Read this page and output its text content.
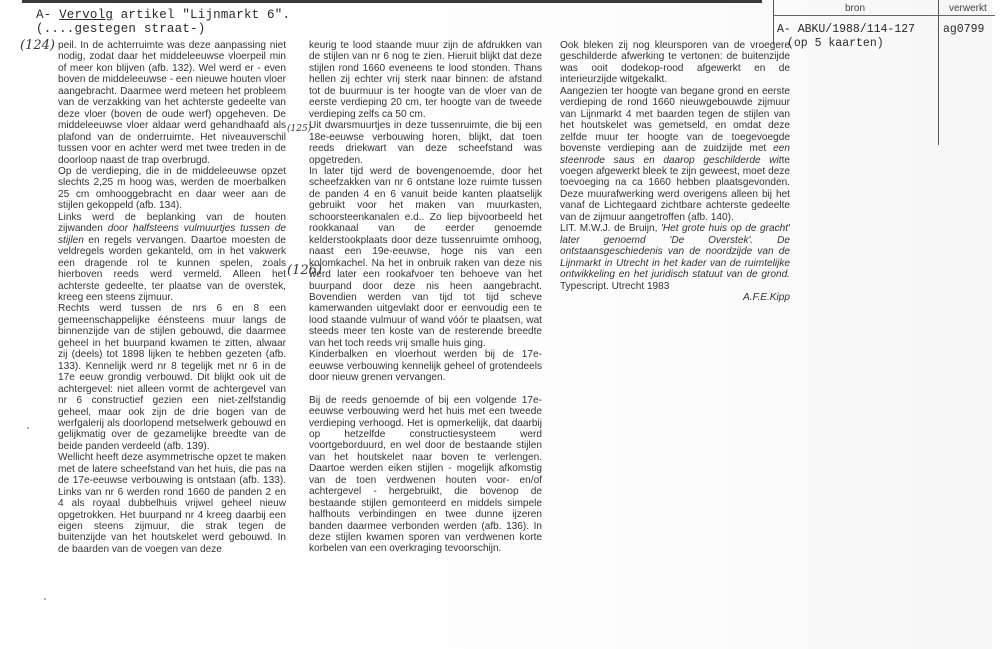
A- Vervolg artikel "Lijnmarkt 6".
(....gestegen straat-)
bron	verwerkt
A- ABKU/1988/114-127
(op 5 kaarten)
ag0799
(124)
(125)
(126)

peil. In de achterruimte was deze aanpassing niet nodig, zodat daar het middeleeuwse vloerpeil min of meer kon blijven (afb. 132). Wel werd er - even boven de middeleeuwse - een nieuwe houten vloer aangebracht. Daarmee werd meteen het probleem van de verzakking van het achterste gedeelte van deze vloer (boven de oude werf) opgeheven. De middeleeuwse vloer aldaar werd gehandhaafd als plafond van de onderruimte. Het niveauverschil tussen voor en achter werd met twee treden in de doorloop naast de trap overbrugd.

Op de verdieping, die in de middeleeuwse opzet slechts 2,25 m hoog was, werden de moerbalken 25 cm omhooggebracht en daar weer aan de stijlen gekoppeld (afb. 134).

Links werd de beplanking van de houten zijwanden door halfsteens vulmuurtjes tussen de stijlen en regels vervangen. Daartoe moesten de veldregels worden gekanteld, om in het vakwerk een dragende rol te kunnen spelen, zoals hierboven reeds werd vermeld. Alleen het achterste gedeelte, ter plaatse van de overstek, kreeg een steens zijmuur.

Rechts werd tussen de nrs 6 en 8 een gemeenschappelijke éénsteens muur langs de binnenzijde van de stijlen gebouwd, die daarmee geheel in het buurpand kwamen te zitten, alwaar zij (deels) tot 1898 lijken te hebben gezeten (afb. 133). Kennelijk werd nr 8 tegelijk met nr 6 in de 17e eeuw grondig verbouwd. Dit blijkt ook uit de achtergevel: niet alleen vormt de achtergevel van nr 6 constructief gezien een niet-zelfstandig geheel, maar ook zijn de drie bogen van de werfgalerij als doorlopend metselwerk gebouwd en gelijkmatig over de gezamelijke breedte van de beide panden verdeeld (afb. 139).

Wellicht heeft deze asymmetrische opzet te maken met de latere scheefstand van het huis, die pas na de 17e-eeuwse verbouwing is ontstaan (afb. 133). Links van nr 6 werden rond 1660 de panden 2 en 4 als royaal dubbelhuis vrijwel geheel nieuw opgetrokken. Het buurpand nr 4 kreeg daarbij een eigen steens zijmuur, die strak tegen de buitenzijde van het houtskelet werd gebouwd. In de baarden van de voegen van deze

keurig te lood staande muur zijn de afdrukken van de stijlen van nr 6 nog te zien. Hieruit blijkt dat deze stijlen rond 1660 eveneens te lood stonden. Thans hellen zij echter vrij sterk naar binnen: de afstand tot de buurmuur is ter hoogte van de vloer van de eerste verdieping 20 cm, ter hoogte van de tweede verdieping zelfs ca 50 cm.

Uit dwarsmuurtjes in deze tussenruimte, die bij een 18e-eeuwse verbouwing horen, blijkt, dat toen reeds driekwart van deze scheefstand was opgetreden.

In later tijd werd de bovengenoemde, door het scheefzakken van nr 6 ontstane loze ruimte tussen de panden 4 en 6 vanuit beide kanten plaatselijk gebruikt voor het maken van muurkasten, schoorsteenkanalen e.d.. Zo liep bijvoorbeeld het rookkanaal van de eerder genoemde kelderstookplaats door deze tussenruimte omhoog, naast een 19e-eeuwse, hoge nis van een kolomkachel. Na het in onbruik raken van deze nis werd later een rookafvoer ten behoeve van het buurpand door deze nis heen aangebracht. Bovendien werden van tijd tot tijd scheve kamerwanden uitgevlakt door er eenvoudig een te lood staande vulmuur of wand vóór te plaatsen, wat steeds meer ten koste van de resterende breedte van het toch reeds vrij smalle huis ging.

Kinderbalken en vloerhout werden bij de 17e-eeuwse verbouwing kennelijk geheel of grotendeels door nieuw grenen vervangen.

Bij de reeds genoemde of bij een volgende 17e-eeuwse verbouwing werd het huis met een tweede verdieping verhoogd. Het is opmerkelijk, dat daarbij op hetzelfde constructiesysteem werd voortgeborduurd, en wel door de bestaande stijlen van het houtskelet naar boven te verlengen. Daartoe werden eiken stijlen - mogelijk afkomstig van de toen verdwenen houten voor- en/of achtergevel - hergebruikt, die bovenop de bestaande stijlen gemonteerd en middels simpele halfhouts verbindingen en twee dunne ijzeren banden daarmee verbonden werden (afb. 136). In deze stijlen kwamen sporen van verdwenen korte korbelen van een overkraging tevoorschijn.

Ook bleken zij nog kleursporen van de vroegere geschilderde afwerking te vertonen: de buitenzijde was ooit dodekop-rood afgewerkt en de interieurzijde witgekalkt.

Aangezien ter hoogte van begane grond en eerste verdieping de rond 1660 nieuwgebouwde zijmuur van Lijnmarkt 4 met baarden tegen de stijlen van het houtskelet was gemetseld, en omdat deze zelfde muur ter hoogte van de toegevoegde bovenste verdieping aan de zuidzijde met een steenrode saus en daarop geschilderde witte voegen afgewerkt bleek te zijn geweest, moet deze toevoeging na ca 1660 hebben plaatsgevonden. Deze muurafwerking werd overigens alleen bij het vanaf de Lichtegaard zichtbare achterste gedeelte van de zijmuur aangetroffen (afb. 140).

LIT. M.W.J. de Bruijn, 'Het grote huis op de gracht' later genoemd 'De Overstek'. De ontstaansgeschiedenis van de noordzijde van de Lijnmarkt in Utrecht in het kader van de ruimtelijke ontwikkeling en het juridisch statuut van de grond. Typescript. Utrecht 1983

A.F.E.Kipp
